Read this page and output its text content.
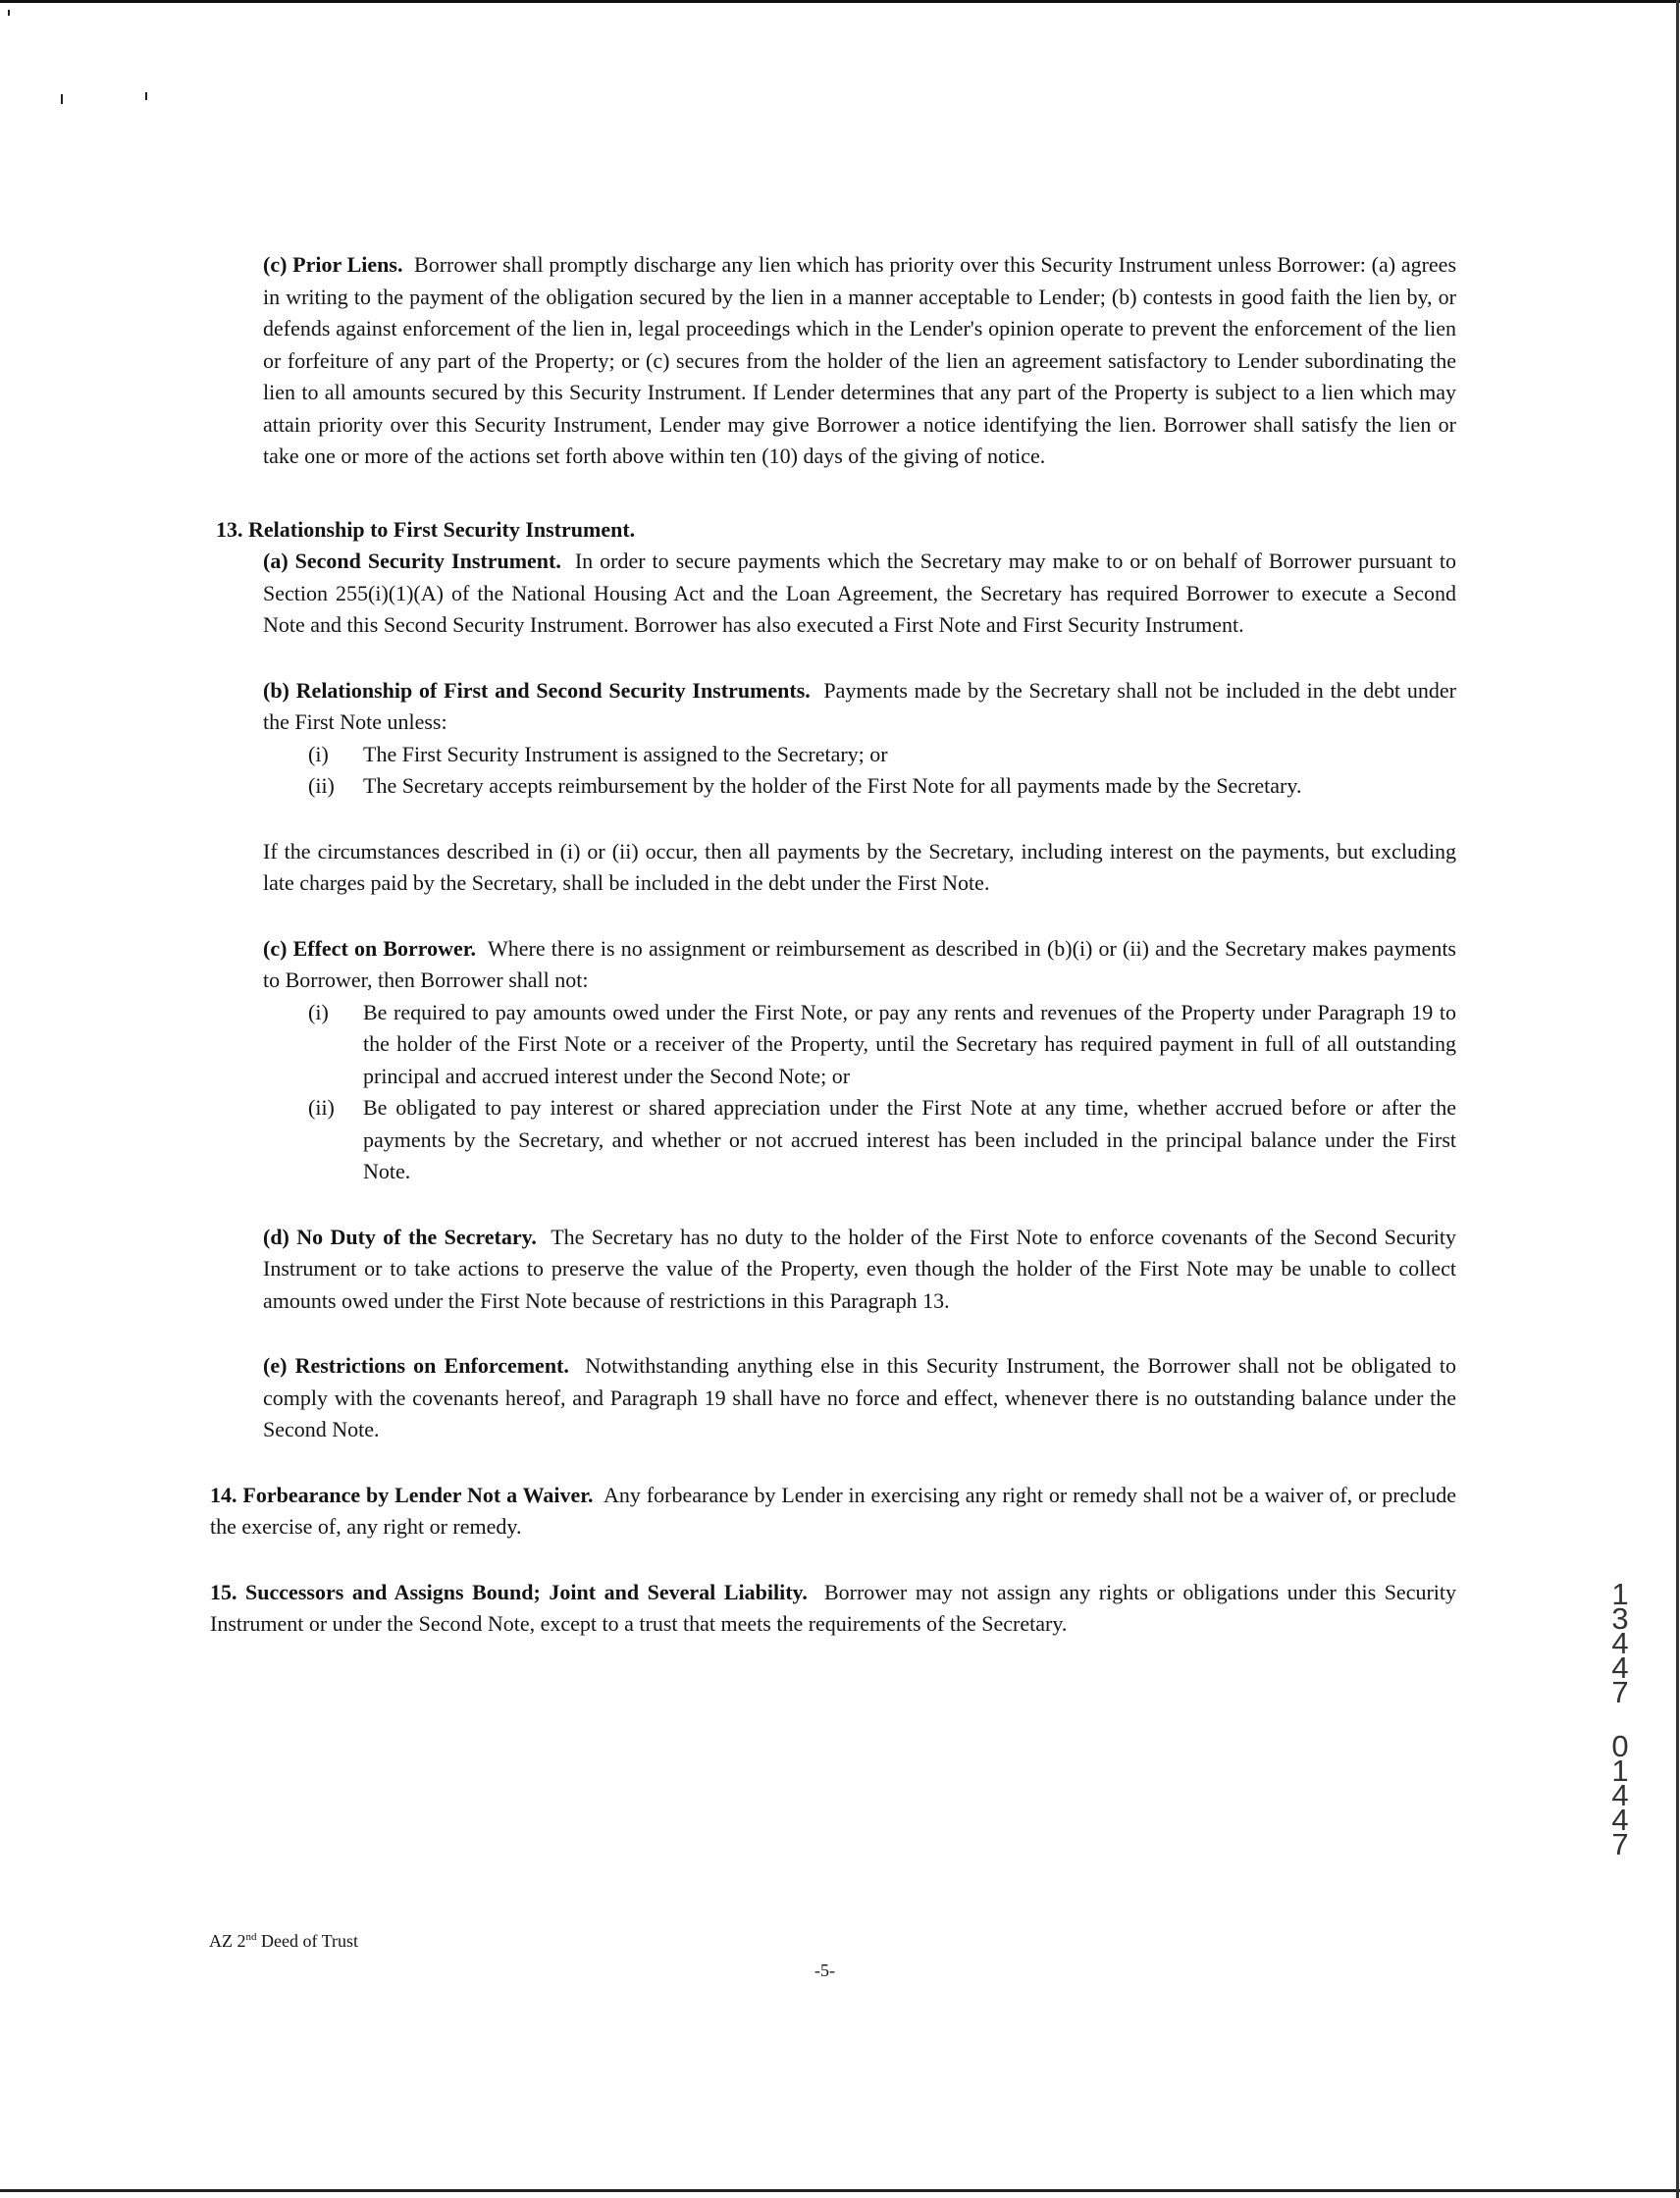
(c) Prior Liens. Borrower shall promptly discharge any lien which has priority over this Security Instrument unless Borrower: (a) agrees in writing to the payment of the obligation secured by the lien in a manner acceptable to Lender; (b) contests in good faith the lien by, or defends against enforcement of the lien in, legal proceedings which in the Lender's opinion operate to prevent the enforcement of the lien or forfeiture of any part of the Property; or (c) secures from the holder of the lien an agreement satisfactory to Lender subordinating the lien to all amounts secured by this Security Instrument. If Lender determines that any part of the Property is subject to a lien which may attain priority over this Security Instrument, Lender may give Borrower a notice identifying the lien. Borrower shall satisfy the lien or take one or more of the actions set forth above within ten (10) days of the giving of notice.

13. Relationship to First Security Instrument.

(a) Second Security Instrument. In order to secure payments which the Secretary may make to or on behalf of Borrower pursuant to Section 255(i)(1)(A) of the National Housing Act and the Loan Agreement, the Secretary has required Borrower to execute a Second Note and this Second Security Instrument. Borrower has also executed a First Note and First Security Instrument.

(b) Relationship of First and Second Security Instruments. Payments made by the Secretary shall not be included in the debt under the First Note unless:

(i) The First Security Instrument is assigned to the Secretary; or

(ii) The Secretary accepts reimbursement by the holder of the First Note for all payments made by the Secretary.

If the circumstances described in (i) or (ii) occur, then all payments by the Secretary, including interest on the payments, but excluding late charges paid by the Secretary, shall be included in the debt under the First Note.

(c) Effect on Borrower. Where there is no assignment or reimbursement as described in (b)(i) or (ii) and the Secretary makes payments to Borrower, then Borrower shall not:

(i) Be required to pay amounts owed under the First Note, or pay any rents and revenues of the Property under Paragraph 19 to the holder of the First Note or a receiver of the Property, until the Secretary has required payment in full of all outstanding principal and accrued interest under the Second Note; or

(ii) Be obligated to pay interest or shared appreciation under the First Note at any time, whether accrued before or after the payments by the Secretary, and whether or not accrued interest has been included in the principal balance under the First Note.

(d) No Duty of the Secretary. The Secretary has no duty to the holder of the First Note to enforce covenants of the Second Security Instrument or to take actions to preserve the value of the Property, even though the holder of the First Note may be unable to collect amounts owed under the First Note because of restrictions in this Paragraph 13.

(e) Restrictions on Enforcement. Notwithstanding anything else in this Security Instrument, the Borrower shall not be obligated to comply with the covenants hereof, and Paragraph 19 shall have no force and effect, whenever there is no outstanding balance under the Second Note.

14. Forbearance by Lender Not a Waiver. Any forbearance by Lender in exercising any right or remedy shall not be a waiver of, or preclude the exercise of, any right or remedy.

15. Successors and Assigns Bound; Joint and Several Liability. Borrower may not assign any rights or obligations under this Security Instrument or under the Second Note, except to a trust that meets the requirements of the Secretary.

AZ 2nd Deed of Trust
-5-
13447
01447
